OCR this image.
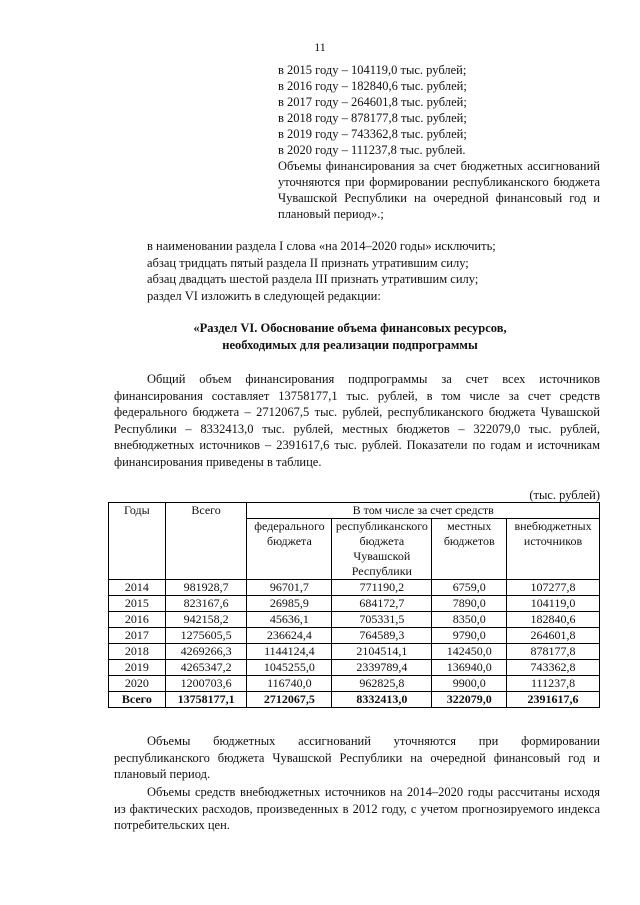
11
в 2015 году – 104119,0 тыс. рублей;
в 2016 году – 182840,6 тыс. рублей;
в 2017 году – 264601,8 тыс. рублей;
в 2018 году – 878177,8 тыс. рублей;
в 2019 году – 743362,8 тыс. рублей;
в 2020 году – 111237,8 тыс. рублей.
Объемы финансирования за счет бюджетных ассигнований уточняются при формировании республиканского бюджета Чувашской Республики на очередной финансовый год и плановый период».;
в наименовании раздела I слова «на 2014–2020 годы» исключить;
абзац тридцать пятый раздела II признать утратившим силу;
абзац двадцать шестой раздела III признать утратившим силу;
раздел VI изложить в следующей редакции:
«Раздел VI. Обоснование объема финансовых ресурсов,
необходимых для реализации подпрограммы
Общий объем финансирования подпрограммы за счет всех источников финансирования составляет 13758177,1 тыс. рублей, в том числе за счет средств федерального бюджета – 2712067,5 тыс. рублей, республиканского бюджета Чувашской Республики – 8332413,0 тыс. рублей, местных бюджетов – 322079,0 тыс. рублей, внебюджетных источников – 2391617,6 тыс. рублей. Показатели по годам и источникам финансирования приведены в таблице.
(тыс. рублей)
Годы	Всего	В том числе за счет средств			
		федерального бюджета	республиканского бюджета Чувашской Республики	местных бюджетов	внебюджетных источников
2014	981928,7	96701,7	771190,2	6759,0	107277,8
2015	823167,6	26985,9	684172,7	7890,0	104119,0
2016	942158,2	45636,1	705331,5	8350,0	182840,6
2017	1275605,5	236624,4	764589,3	9790,0	264601,8
2018	4269266,3	1144124,4	2104514,1	142450,0	878177,8
2019	4265347,2	1045255,0	2339789,4	136940,0	743362,8
2020	1200703,6	116740,0	962825,8	9900,0	111237,8
Всего	13758177,1	2712067,5	8332413,0	322079,0	2391617,6
Объемы бюджетных ассигнований уточняются при формировании республиканского бюджета Чувашской Республики на очередной финансовый год и плановый период.
Объемы средств внебюджетных источников на 2014–2020 годы рассчитаны исходя из фактических расходов, произведенных в 2012 году, с учетом прогнозируемого индекса потребительских цен.
